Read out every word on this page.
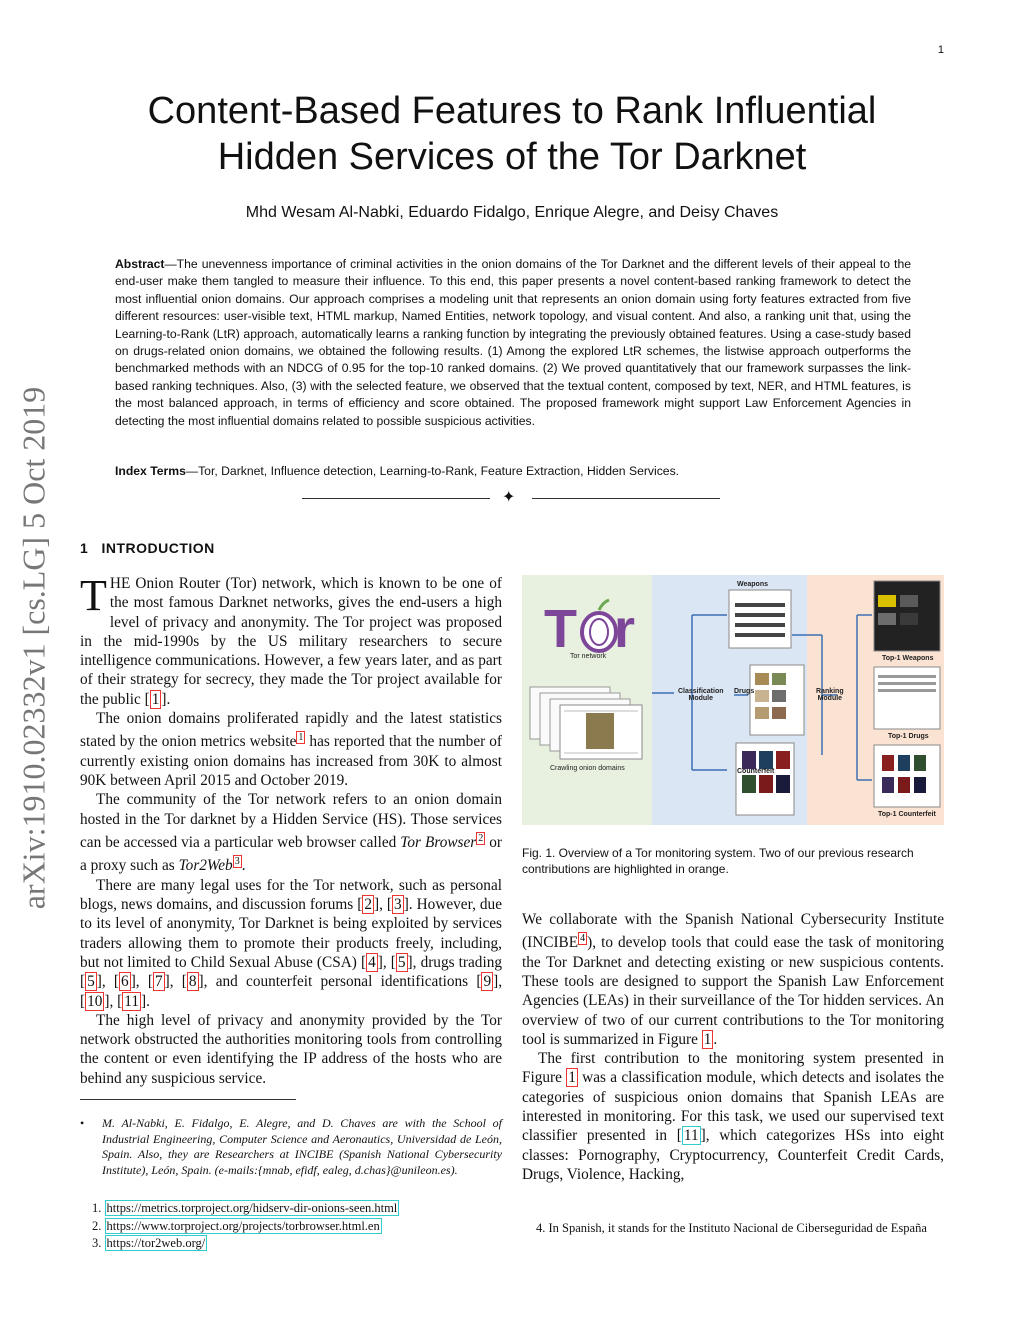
1
Content-Based Features to Rank Influential
Hidden Services of the Tor Darknet
Mhd Wesam Al-Nabki, Eduardo Fidalgo, Enrique Alegre, and Deisy Chaves
Abstract—The unevenness importance of criminal activities in the onion domains of the Tor Darknet and the different levels of their appeal to the end-user make them tangled to measure their influence. To this end, this paper presents a novel content-based ranking framework to detect the most influential onion domains. Our approach comprises a modeling unit that represents an onion domain using forty features extracted from five different resources: user-visible text, HTML markup, Named Entities, network topology, and visual content. And also, a ranking unit that, using the Learning-to-Rank (LtR) approach, automatically learns a ranking function by integrating the previously obtained features. Using a case-study based on drugs-related onion domains, we obtained the following results. (1) Among the explored LtR schemes, the listwise approach outperforms the benchmarked methods with an NDCG of 0.95 for the top-10 ranked domains. (2) We proved quantitatively that our framework surpasses the link-based ranking techniques. Also, (3) with the selected feature, we observed that the textual content, composed by text, NER, and HTML features, is the most balanced approach, in terms of efficiency and score obtained. The proposed framework might support Law Enforcement Agencies in detecting the most influential domains related to possible suspicious activities.
Index Terms—Tor, Darknet, Influence detection, Learning-to-Rank, Feature Extraction, Hidden Services.
✦
arXiv:1910.02332v1 [cs.LG] 5 Oct 2019 1 INTRODUCTION

THE Onion Router (Tor) network, which is known to be one of the most famous Darknet networks, gives the end-users a high level of privacy and anonymity. The Tor project was proposed in the mid-1990s by the US military researchers to secure intelligence communications. However, a few years later, and as part of their strategy for secrecy, they made the Tor project available for the public [ 1 ].

The onion domains proliferated rapidly and the latest statistics stated by the onion metrics website $^1$ has reported that the number of currently existing onion domains has increased from 30K to almost 90K between April 2015 and October 2019.

The community of the Tor network refers to an onion domain hosted in the Tor darknet by a Hidden Service (HS). Those services can be accessed via a particular web browser called Tor Browser $^2$ or a proxy such as Tor2Web $^3$ .

There are many legal uses for the Tor network, such as personal blogs, news domains, and discussion forums [ 2 ], [ 3 ]. However, due to its level of anonymity, Tor Darknet is being exploited by services traders allowing them to promote their products freely, including, but not limited to Child Sexual Abuse (CSA) [ 4 ], [ 5 ], drugs trading [ 5 ], [ 6 ], [ 7 ], [ 8 ], and counterfeit personal identifications [ 9 ], [ 10 ], [ 11 ].

The high level of privacy and anonymity provided by the Tor network obstructed the authorities monitoring tools from controlling the content or even identifying the IP address of the hosts who are behind any suspicious service.

• M. Al-Nabki, E. Fidalgo, E. Alegre, and D. Chaves are with the School of Industrial Engineering, Computer Science and Aeronautics, Universidad de León, Spain. Also, they are Researchers at INCIBE (Spanish National Cybersecurity Institute), León, Spain. (e-mails:{mnab, efidf, ealeg, d.chas}@unileon.es).
1. https://metrics.torproject.org/hidserv-dir-onions-seen.html
2. https://www.torproject.org/projects/torbrowser.html.en
3. https://tor2web.org/
T r
Tor network
Crawling onion domains
Classification
Module
Weapons
Drugs
Counterfeit
Ranking
Module
Top-1 Weapons
Top-1 Drugs
Top-1 Counterfeit
Fig. 1. Overview of a Tor monitoring system. Two of our previous research contributions are highlighted in orange.

We collaborate with the Spanish National Cybersecurity Institute (INCIBE $^4$ ), to develop tools that could ease the task of monitoring the Tor Darknet and detecting existing or new suspicious contents. These tools are designed to support the Spanish Law Enforcement Agencies (LEAs) in their surveillance of the Tor hidden services. An overview of two of our current contributions to the Tor monitoring tool is summarized in Figure 1 .

The first contribution to the monitoring system presented in Figure 1 was a classification module, which detects and isolates the categories of suspicious onion domains that Spanish LEAs are interested in monitoring. For this task, we used our supervised text classifier presented in [ 11 ], which categorizes HSs into eight classes: Pornography, Cryptocurrency, Counterfeit Credit Cards, Drugs, Violence, Hacking,

4. In Spanish, it stands for the Instituto Nacional de Ciberseguridad de España
